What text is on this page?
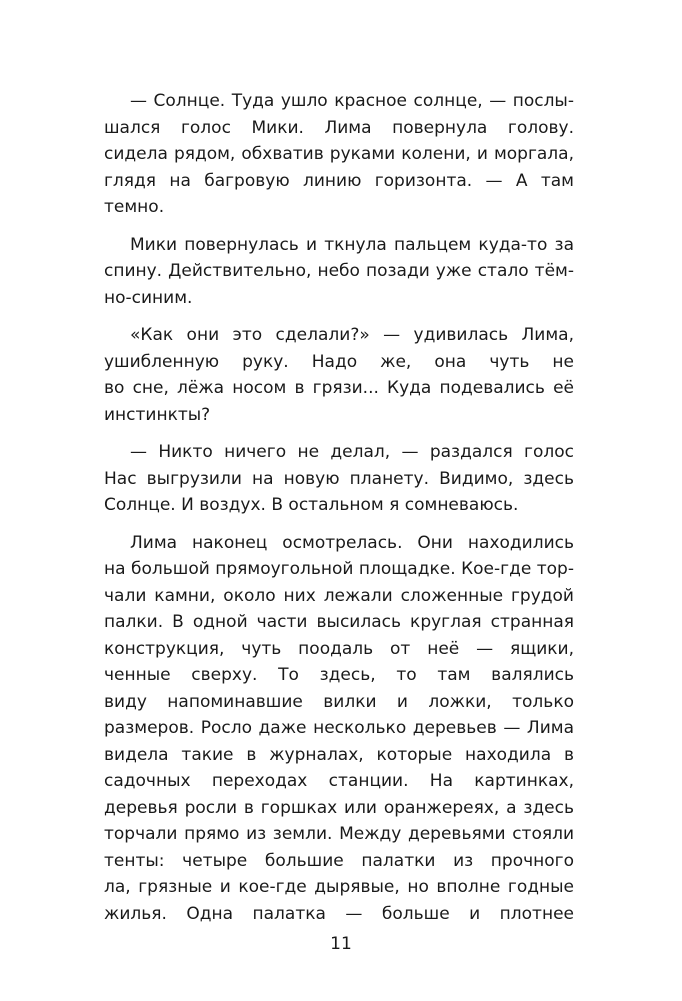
— Солнце. Туда ушло красное солнце, — послы-
шался голос Мики. Лима повернула голову.
сидела рядом, обхватив руками колени, и моргала,
глядя на багровую линию горизонта. — А там
темно.
Мики повернулась и ткнула пальцем куда-то за
спину. Действительно, небо позади уже стало тём-
но-синим.
«Как они это сделали?» — удивилась Лима,
ушибленную руку. Надо же, она чуть не
во сне, лёжа носом в грязи... Куда подевались её
инстинкты?
— Никто ничего не делал, — раздался голос
Нас выгрузили на новую планету. Видимо, здесь
Солнце. И воздух. В остальном я сомневаюсь.
Лима наконец осмотрелась. Они находились
на большой прямоугольной площадке. Кое-где тор-
чали камни, около них лежали сложенные грудой
палки. В одной части высилась круглая странная
конструкция, чуть поодаль от неё — ящики,
ченные сверху. То здесь, то там валялись
виду напоминавшие вилки и ложки, только
размеров. Росло даже несколько деревьев — Лима
видела такие в журналах, которые находила в
садочных переходах станции. На картинках,
деревья росли в горшках или оранжереях, а здесь
торчали прямо из земли. Между деревьями стояли
тенты: четыре большие палатки из прочного
ла, грязные и кое-где дырявые, но вполне годные
жилья. Одна палатка — больше и плотнее
11
